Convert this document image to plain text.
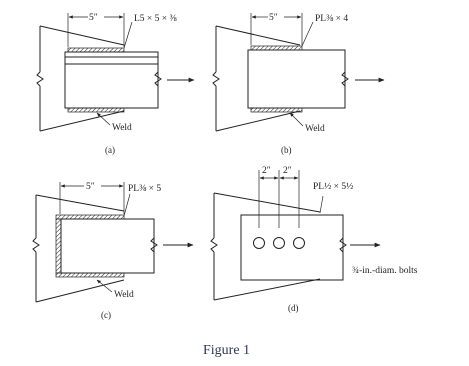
5″	L5 × 5 × ⅜
Weld
(a)
5″	PL⅜ × 4
Weld
(b)
5″	PL⅜ × 5
Weld
(c)
2″ 2″
PL½ × 5½
¾-in.-diam. bolts
(d)
Figure 1
